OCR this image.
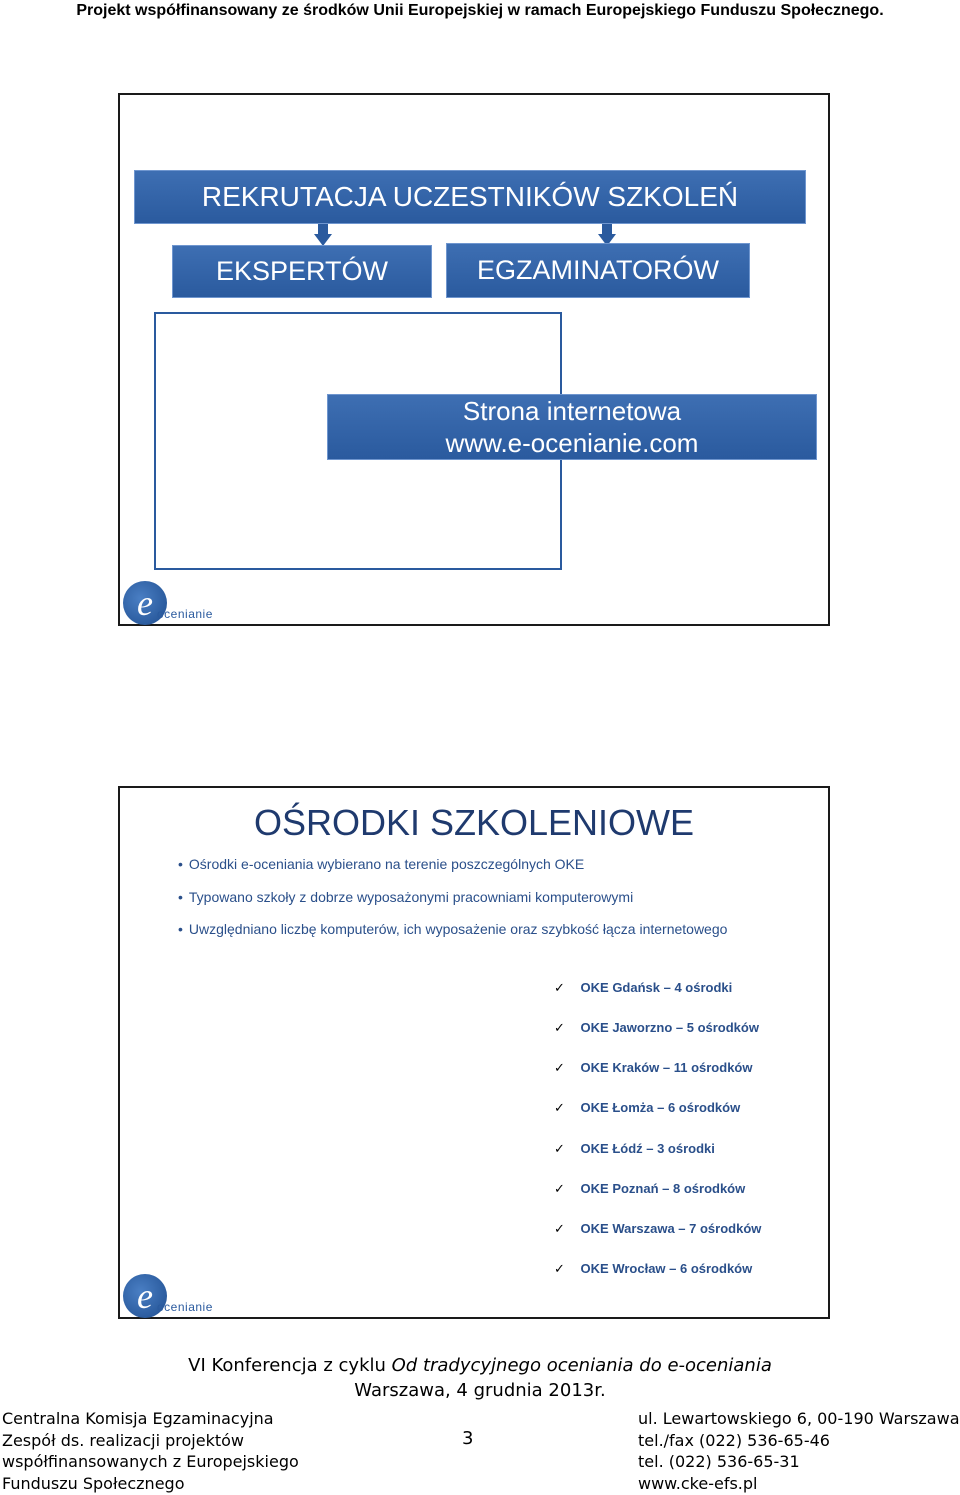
Projekt współfinansowany ze środków Unii Europejskiej w ramach Europejskiego Funduszu Społecznego.
REKRUTACJA UCZESTNIKÓW SZKOLEŃ
EKSPERTÓW	EGZAMINATORÓW
Strona internetowa
www.e-ocenianie.com
e ocenianie
OŚRODKI SZKOLENIOWE
• Ośrodki e-oceniania wybierano na terenie poszczególnych OKE
• Typowano szkoły z dobrze wyposażonymi pracowniami komputerowymi
• Uwzględniano liczbę komputerów, ich wyposażenie oraz szybkość łącza internetowego
✓ OKE Gdańsk – 4 ośrodki
✓ OKE Jaworzno – 5 ośrodków
✓ OKE Kraków – 11 ośrodków
✓ OKE Łomża – 6 ośrodków
✓ OKE Łódź – 3 ośrodki
✓ OKE Poznań – 8 ośrodków
✓ OKE Warszawa – 7 ośrodków
✓ OKE Wrocław – 6 ośrodków
e ocenianie
VI Konferencja z cyklu Od tradycyjnego oceniania do e-oceniania
Warszawa, 4 grudnia 2013r.
Centralna Komisja Egzaminacyjna
Zespół ds. realizacji projektów
współfinansowanych z Europejskiego
Funduszu Społecznego
3
ul. Lewartowskiego 6, 00-190 Warszawa
tel./fax (022) 536-65-46
tel. (022) 536-65-31
www.cke-efs.pl
